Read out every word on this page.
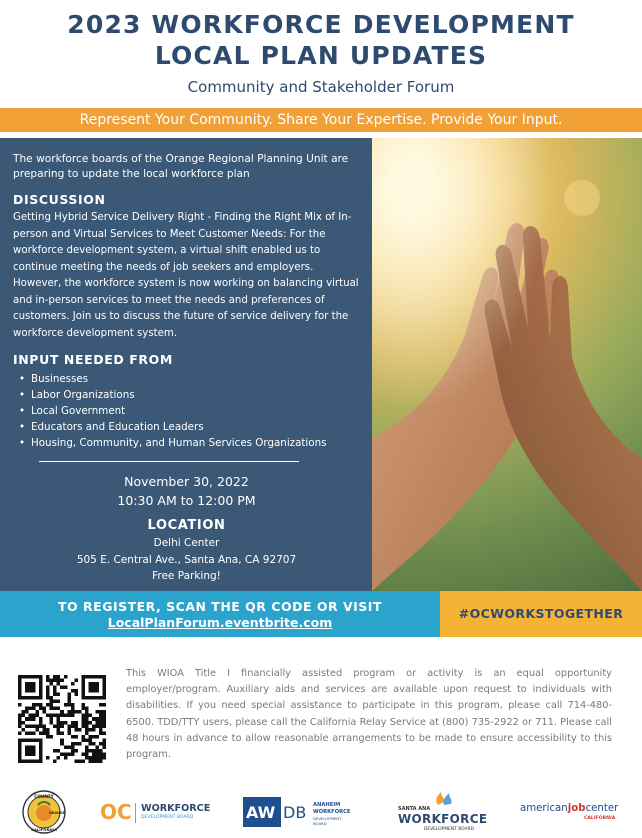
2023 WORKFORCE DEVELOPMENT
LOCAL PLAN UPDATES
Community and Stakeholder Forum
Represent Your Community. Share Your Expertise. Provide Your Input.
The workforce boards of the Orange Regional Planning Unit are preparing to update the local workforce plan
DISCUSSION
Getting Hybrid Service Delivery Right - Finding the Right Mix of In-person and Virtual Services to Meet Customer Needs: For the workforce development system, a virtual shift enabled us to continue meeting the needs of job seekers and employers. However, the workforce system is now working on balancing virtual and in-person services to meet the needs and preferences of customers. Join us to discuss the future of service delivery for the workforce development system.
INPUT NEEDED FROM
• Businesses
• Labor Organizations
• Local Government
• Educators and Education Leaders
• Housing, Community, and Human Services Organizations
November 30, 2022
10:30 AM to 12:00 PM
LOCATION
Delhi Center
505 E. Central Ave., Santa Ana, CA 92707
Free Parking!
TO REGISTER, SCAN THE QR CODE OR VISIT
LocalPlanForum.eventbrite.com
#OCWORKSTOGETHER
This WIOA Title I financially assisted program or activity is an equal opportunity employer/program. Auxiliary aids and services are available upon request to individuals with disabilities. If you need special assistance to participate in this program, please call 714-480-6500. TDD/TTY users, please call the California Relay Service at (800) 735-2922 or 711. Please call 48 hours in advance to allow reasonable arrangements to be made to ensure accessibility to this program.
COUNTY
ORANGE
CALIFORNIA
OC WORKFORCE
DEVELOPMENT BOARD	AW DB ANAHEIM
WORKFORCE
DEVELOPMENT BOARD
SANTA ANA
WORKFORCE
DEVELOPMENT BOARD
americanjobcenter
CALIFORNIA
